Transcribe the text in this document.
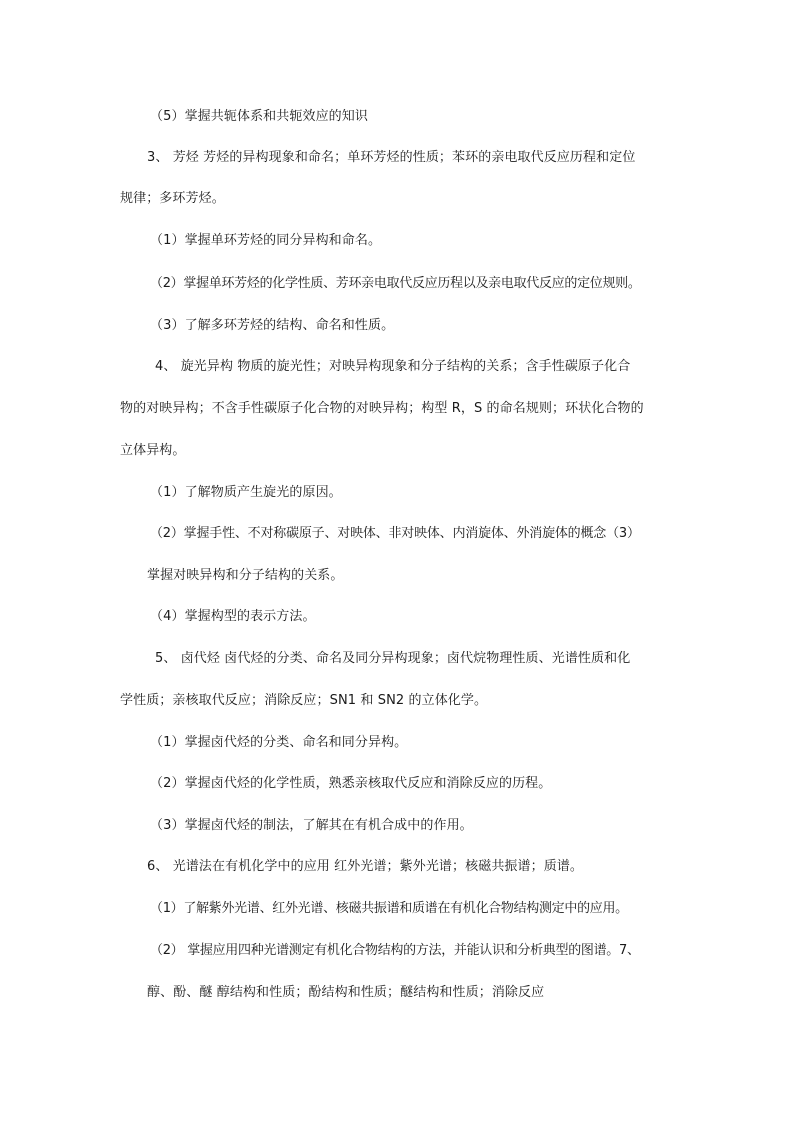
（5）掌握共轭体系和共轭效应的知识
3、 芳烃 芳烃的异构现象和命名；单环芳烃的性质；苯环的亲电取代反应历程和定位
规律；多环芳烃。
（1）掌握单环芳烃的同分异构和命名。
（2）掌握单环芳烃的化学性质、芳环亲电取代反应历程以及亲电取代反应的定位规则。
（3）了解多环芳烃的结构、命名和性质。
4、 旋光异构 物质的旋光性；对映异构现象和分子结构的关系；含手性碳原子化合
物的对映异构；不含手性碳原子化合物的对映异构；构型 R，S 的命名规则；环状化合物的
立体异构。
（1）了解物质产生旋光的原因。
（2）掌握手性、不对称碳原子、对映体、非对映体、内消旋体、外消旋体的概念（3）
掌握对映异构和分子结构的关系。
（4）掌握构型的表示方法。
5、 卤代烃 卤代烃的分类、命名及同分异构现象；卤代烷物理性质、光谱性质和化
学性质；亲核取代反应；消除反应；SN1 和 SN2 的立体化学。
（1）掌握卤代烃的分类、命名和同分异构。
（2）掌握卤代烃的化学性质，熟悉亲核取代反应和消除反应的历程。
（3）掌握卤代烃的制法，了解其在有机合成中的作用。
6、 光谱法在有机化学中的应用 红外光谱；紫外光谱；核磁共振谱；质谱。
（1）了解紫外光谱、红外光谱、核磁共振谱和质谱在有机化合物结构测定中的应用。
（2） 掌握应用四种光谱测定有机化合物结构的方法，并能认识和分析典型的图谱。7、
醇、酚、醚 醇结构和性质；酚结构和性质；醚结构和性质；消除反应
